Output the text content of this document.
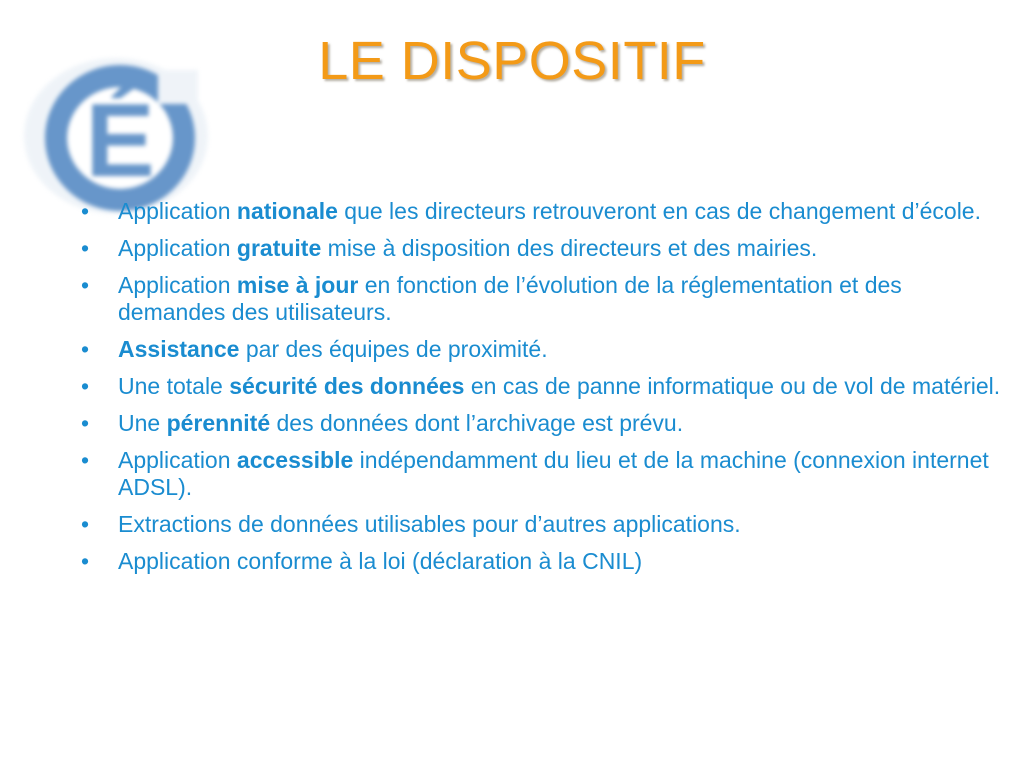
É
LE DISPOSITIF
•	Application nationale que les directeurs retrouveront en cas de changement d’école.
•	Application gratuite mise à disposition des directeurs et des mairies.
•	Application mise à jour en fonction de l’évolution de la réglementation et des demandes des utilisateurs.
•	Assistance par des équipes de proximité.
•	Une totale sécurité des données en cas de panne informatique ou de vol de matériel.
•	Une pérennité des données dont l’archivage est prévu.
•	Application accessible indépendamment du lieu et de la machine (connexion internet ADSL).
•	Extractions de données utilisables pour d’autres applications.
•	Application conforme à la loi (déclaration à la CNIL)
